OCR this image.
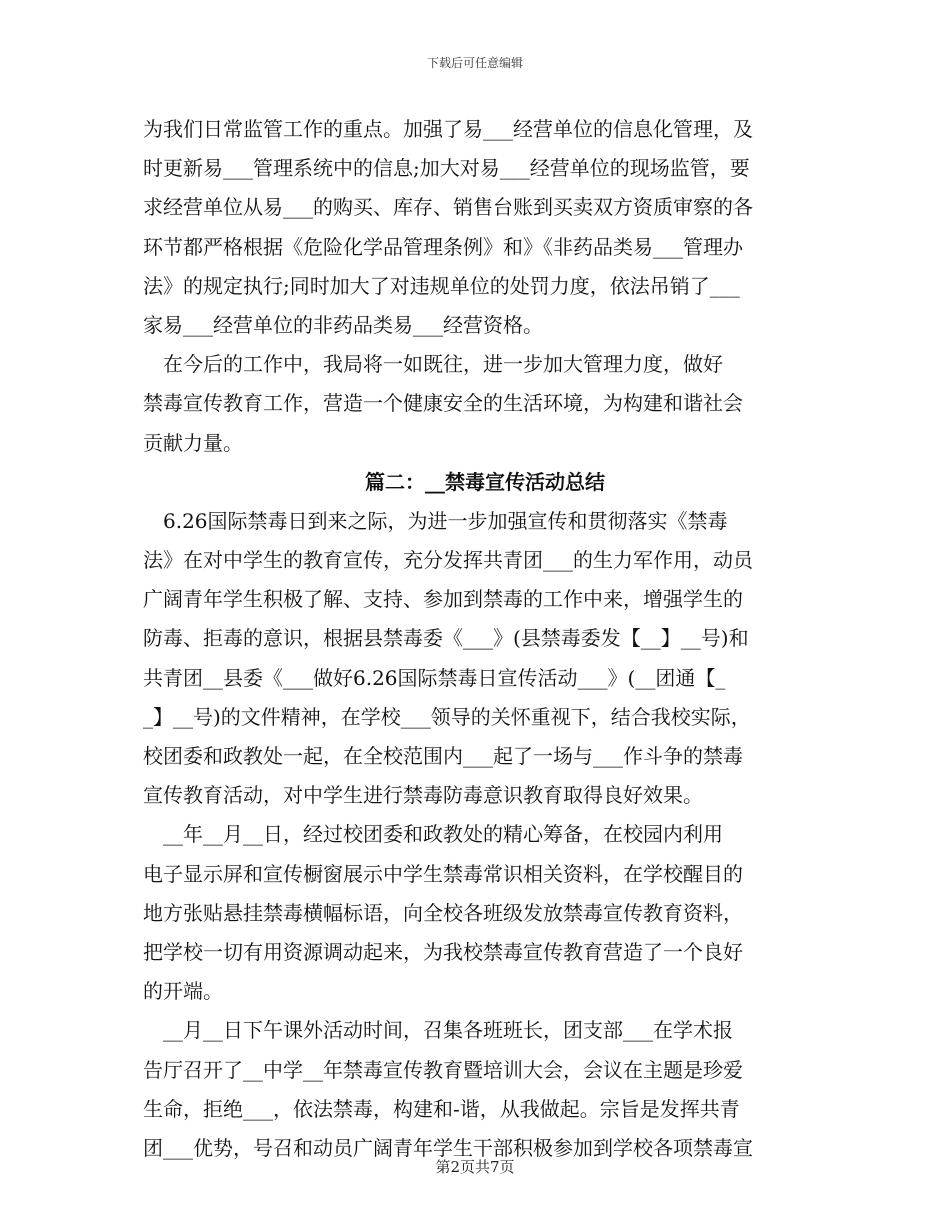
下载后可任意编辑
为我们日常监管工作的重点。加强了易___经营单位的信息化管理，及
时更新易___管理系统中的信息;加大对易___经营单位的现场监管，要
求经营单位从易___的购买、库存、销售台账到买卖双方资质审察的各
环节都严格根据《危险化学品管理条例》和》《非药品类易___管理办
法》的规定执行;同时加大了对违规单位的处罚力度，依法吊销了___
家易___经营单位的非药品类易___经营资格。
　在今后的工作中，我局将一如既往，进一步加大管理力度，做好
禁毒宣传教育工作，营造一个健康安全的生活环境，为构建和谐社会
贡献力量。
篇二：__禁毒宣传活动总结
　6.26国际禁毒日到来之际，为进一步加强宣传和贯彻落实《禁毒
法》在对中学生的教育宣传，充分发挥共青团___的生力军作用，动员
广阔青年学生积极了解、支持、参加到禁毒的工作中来，增强学生的
防毒、拒毒的意识，根据县禁毒委《___》(县禁毒委发【__】__号)和
共青团__县委《___做好6.26国际禁毒日宣传活动___》(__团通【_
_】__号)的文件精神，在学校___领导的关怀重视下，结合我校实际，
校团委和政教处一起，在全校范围内___起了一场与___作斗争的禁毒
宣传教育活动，对中学生进行禁毒防毒意识教育取得良好效果。
　__年__月__日，经过校团委和政教处的精心筹备，在校园内利用
电子显示屏和宣传橱窗展示中学生禁毒常识相关资料，在学校醒目的
地方张贴悬挂禁毒横幅标语，向全校各班级发放禁毒宣传教育资料，
把学校一切有用资源调动起来，为我校禁毒宣传教育营造了一个良好
的开端。
　__月__日下午课外活动时间，召集各班班长，团支部___在学术报
告厅召开了__中学__年禁毒宣传教育暨培训大会，会议在主题是珍爱
生命，拒绝___，依法禁毒，构建和-谐，从我做起。宗旨是发挥共青
团___优势，号召和动员广阔青年学生干部积极参加到学校各项禁毒宣
第2页共7页
